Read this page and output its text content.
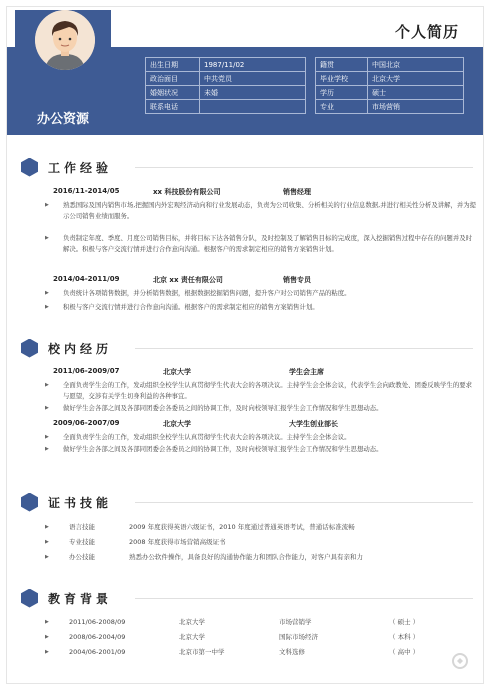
个人简历
出生日期	1987/11/02
政治面目	中共党员
婚姻状况	未婚
联系电话	
籍贯	中国北京
毕业学校	北京大学
学历	硕士
专业	市场营销
办公资源
工作经验
2016/11-2014/05	xx 科技股份有限公司	销售经理
▶ 熟悉国际及国内销售市场,把握国内外宏观经济动向和行业发展动态，负责为公司收集、分析相关的行业信息数据,并进行相关性分析及讲解，并为提示公司销售业绩而服务。
▶ 负责制定年度、季度、月度公司销售目标，并将目标下达各销售分队，及时控制及了解销售目标的完成度，深入挖掘销售过程中存在的问题并及时解决。积极与客户交流行情并进行合作意向沟通。根据客户的需求制定相应的销售方案销售计划。
2014/04-2011/09	北京 xx 责任有限公司	销售专员
▶ 负责统计各项销售数据，并分析销售数据，根据数据挖掘销售问题，提升客户对公司销售产品的粘度。
▶ 积极与客户交流行情并进行合作意向沟通。根据客户的需求制定相应的销售方案销售计划。
校内经历
2011/06-2009/07	北京大学	学生会主席
▶ 全面负责学生会的工作，发动组织全校学生认真贯彻学生代表大会的各项决议。主持学生会全体会议，代表学生会向政教处、团委反映学生的要求与愿望，交涉有关学生切身利益的各种事宜。
▶ 做好学生会各部之间及各部同团委会各委员之间的协调工作，及时向校领导汇报学生会工作情况和学生思想动态。
2009/06-2007/09	北京大学	大学生创业部长
▶ 全面负责学生会的工作，发动组织全校学生认真贯彻学生代表大会的各项决议。主持学生会全体会议。
▶ 做好学生会各部之间及各部同团委会各委员之间的协调工作，及时向校领导汇报学生会工作情况和学生思想动态。
证书技能
▶ 语言技能	2009 年度获得英语六级证书，2010 年度通过普通英语考试，普通话标准流畅
▶ 专业技能	2008 年度获得市场营销高级证书
▶ 办公技能	熟悉办公软件操作，具备良好的沟通协作能力和团队合作能力，对客户具有亲和力
教育背景
▶ 2011/06-2008/09	北京大学	市场营销学	（ 硕士 ）
▶ 2008/06-2004/09	北京大学	国际市场经济	（ 本科 ）
▶ 2004/06-2001/09	北京市第一中学	文科选修	（ 高中 ）
